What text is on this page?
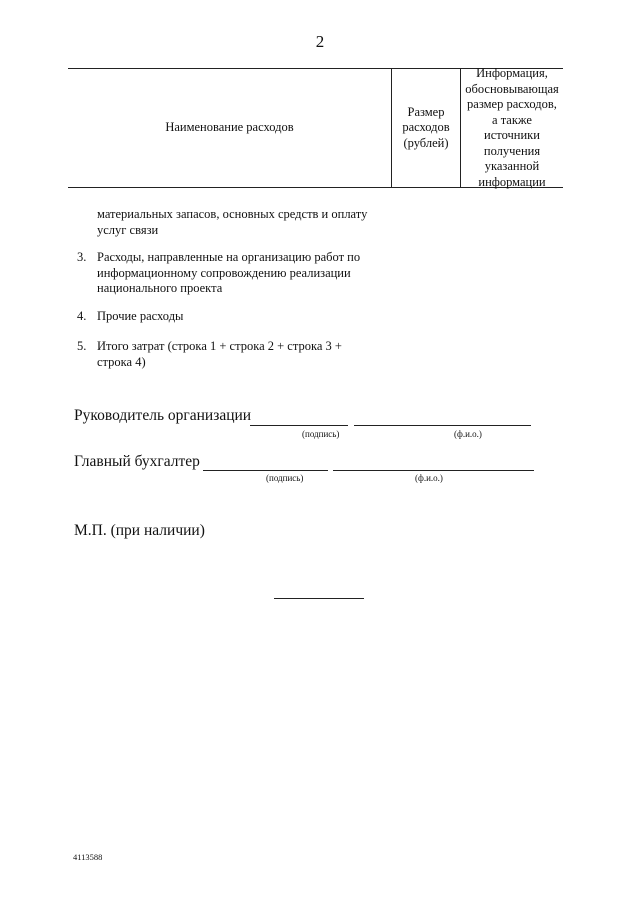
2
Наименование расходов
Размер
расходов
(рублей)
Информация,
обосновывающая
размер расходов,
а также
источники
получения
указанной
информации
материальных запасов, основных средств и оплату
услуг связи
3. Расходы, направленные на организацию работ по
информационному сопровождению реализации
национального проекта
4. Прочие расходы
5. Итого затрат (строка 1 + строка 2 + строка 3 +
строка 4)
Руководитель организации
(подпись)	(ф.и.о.)
Главный бухгалтер
(подпись)	(ф.и.о.)
М.П. (при наличии)
4113588
